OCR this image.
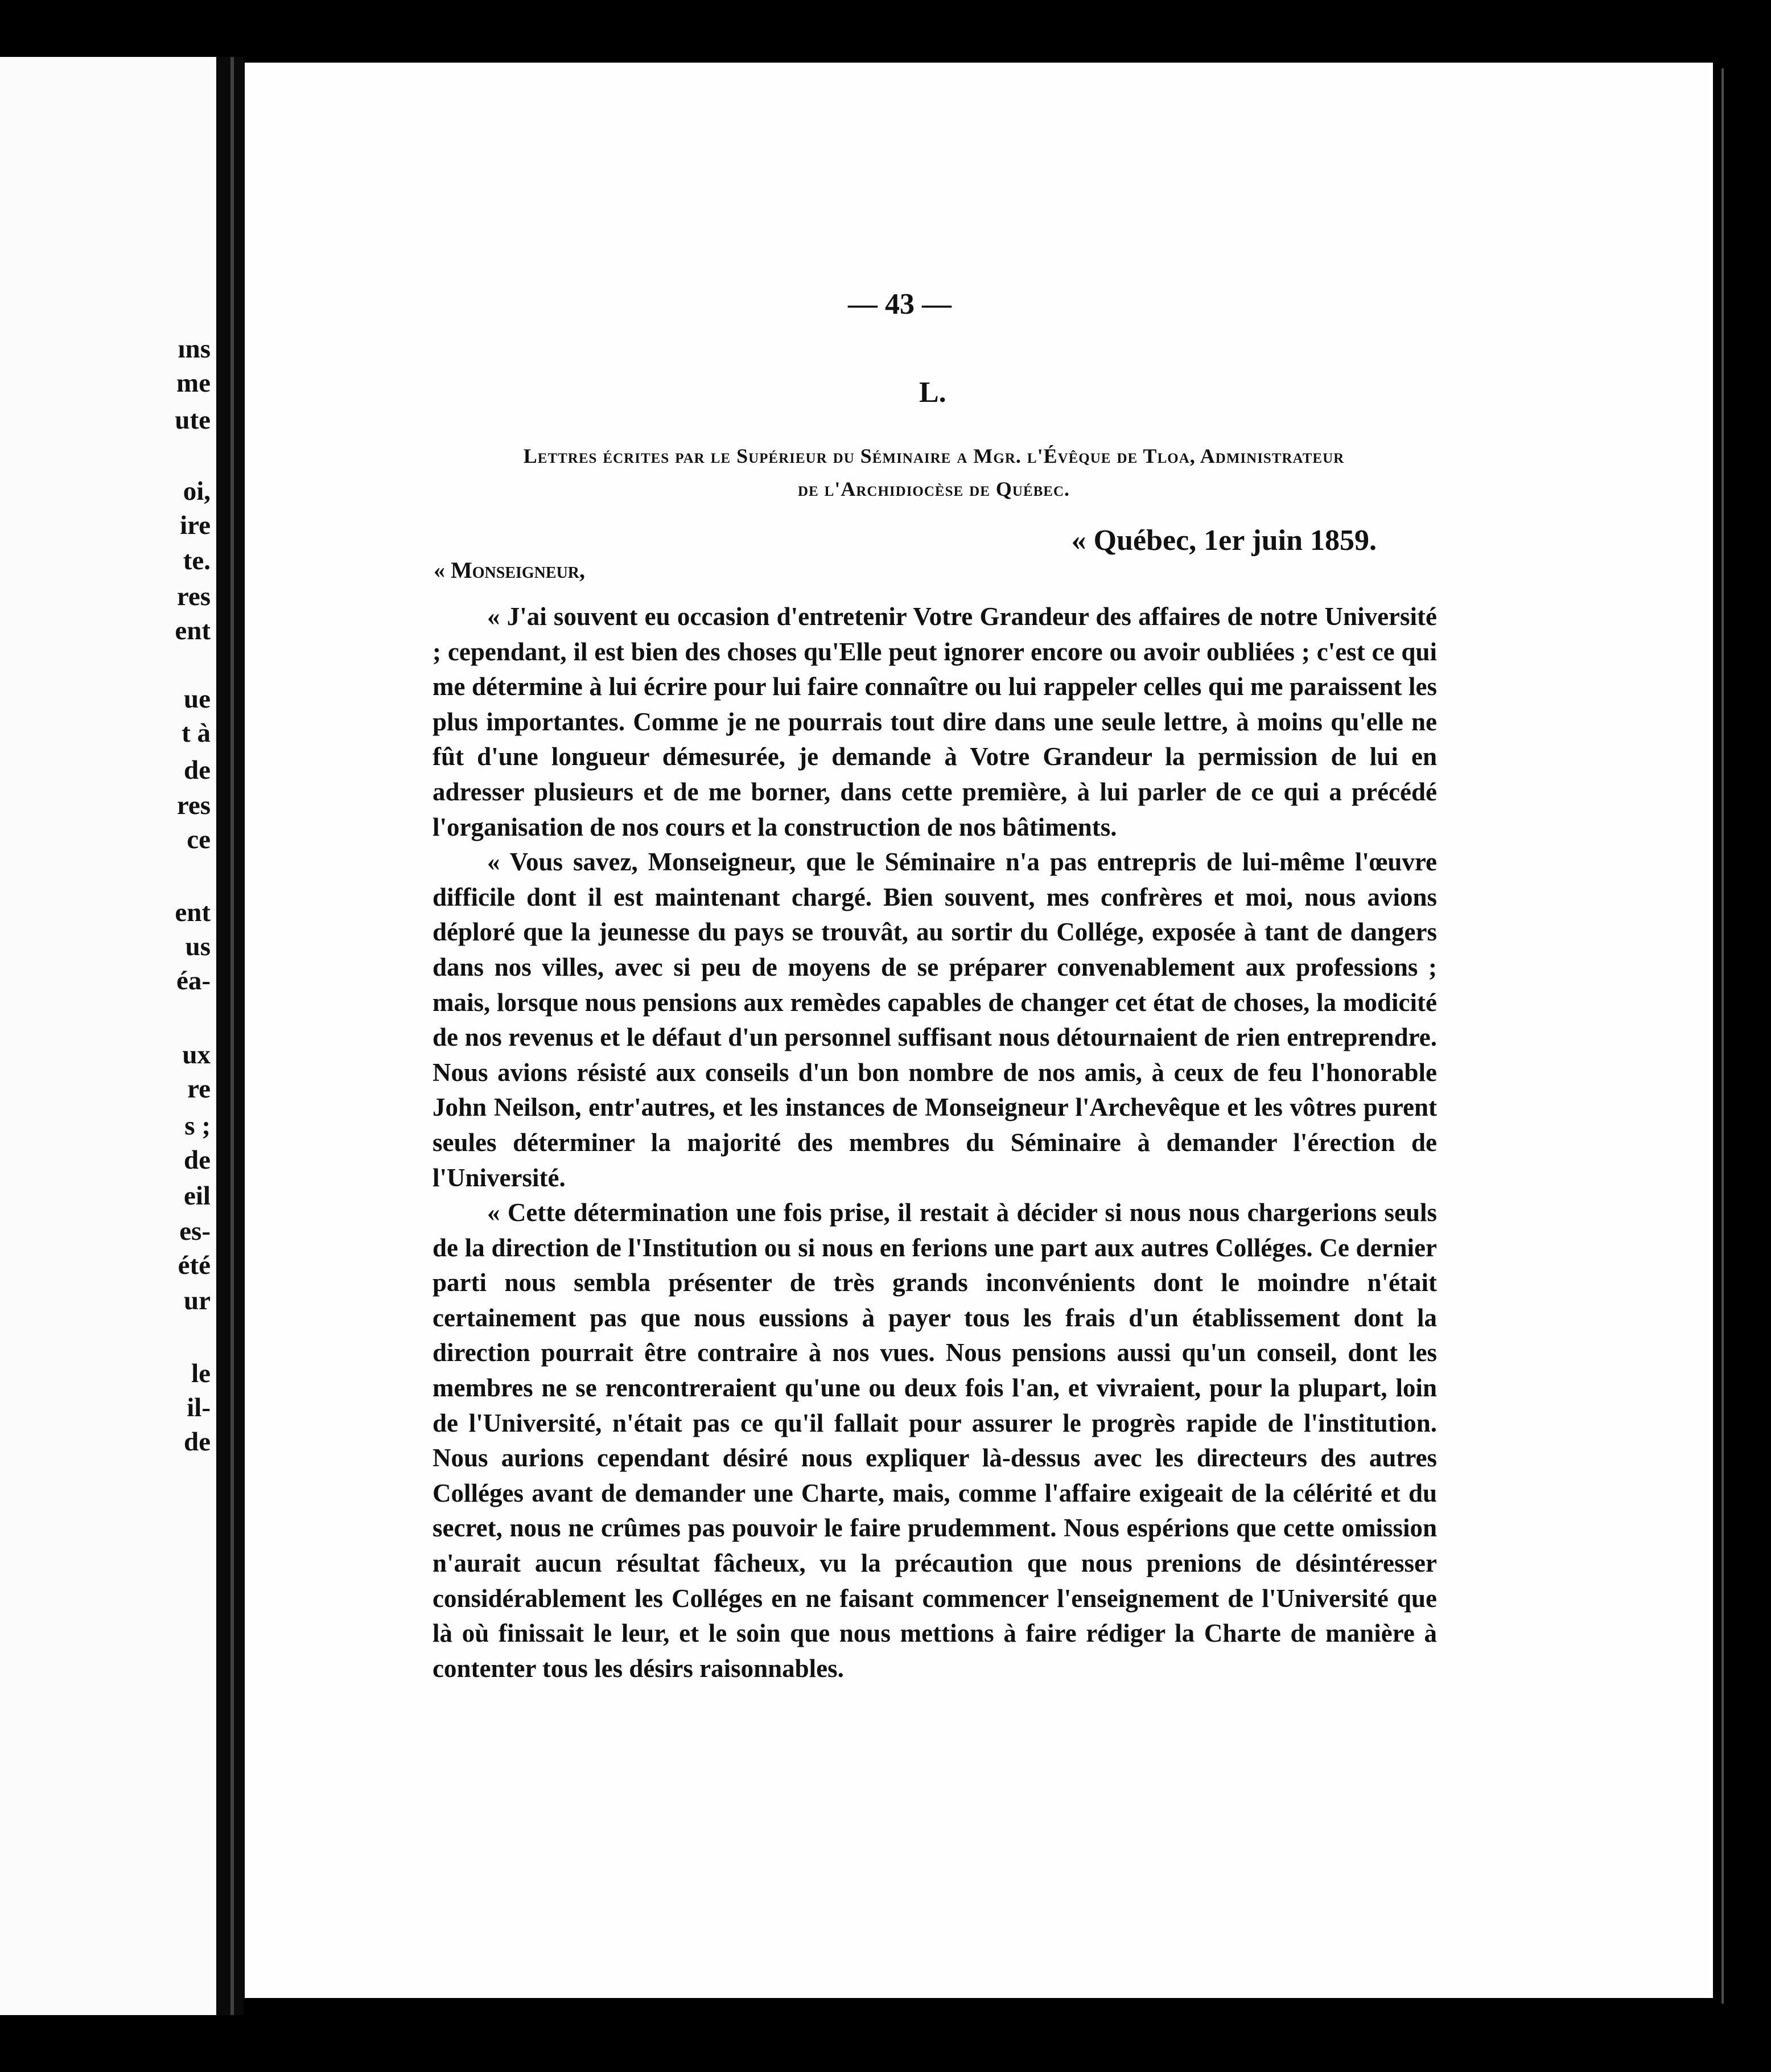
ıns
me
ute
oi,
ire
te.
res
ent
ue
t à
de
res
ce
ent
us
éa-
ux
re
s ;
de
eil
es-
été
ur
le
il-
de
— 43 —
L.
Lettres écrites par le Supérieur du Séminaire a Mgr. l'Évêque de Tloa, Administrateur
de l'Archidiocèse de Québec.
« Québec, 1er juin 1859.
« Monseigneur,

« J'ai souvent eu occasion d'entretenir Votre Grandeur des affaires de notre Université ; cependant, il est bien des choses qu'Elle peut ignorer encore ou avoir oubliées ; c'est ce qui me détermine à lui écrire pour lui faire connaître ou lui rappeler celles qui me paraissent les plus importantes. Comme je ne pourrais tout dire dans une seule lettre, à moins qu'elle ne fût d'une longueur démesurée, je demande à Votre Grandeur la permission de lui en adresser plusieurs et de me borner, dans cette première, à lui parler de ce qui a précédé l'organisation de nos cours et la construction de nos bâtiments.

« Vous savez, Monseigneur, que le Séminaire n'a pas entrepris de lui-même l'œuvre difficile dont il est maintenant chargé. Bien souvent, mes confrères et moi, nous avions déploré que la jeunesse du pays se trouvât, au sortir du Collége, exposée à tant de dangers dans nos villes, avec si peu de moyens de se préparer convenablement aux professions ; mais, lorsque nous pensions aux remèdes capables de changer cet état de choses, la modicité de nos revenus et le défaut d'un personnel suffisant nous détournaient de rien entreprendre. Nous avions résisté aux conseils d'un bon nombre de nos amis, à ceux de feu l'honorable John Neilson, entr'autres, et les instances de Monseigneur l'Archevêque et les vôtres purent seules déterminer la majorité des membres du Séminaire à demander l'érection de l'Université.

« Cette détermination une fois prise, il restait à décider si nous nous chargerions seuls de la direction de l'Institution ou si nous en ferions une part aux autres Colléges. Ce dernier parti nous sembla présenter de très grands inconvénients dont le moindre n'était certainement pas que nous eussions à payer tous les frais d'un établissement dont la direction pourrait être contraire à nos vues. Nous pensions aussi qu'un conseil, dont les membres ne se rencontreraient qu'une ou deux fois l'an, et vivraient, pour la plupart, loin de l'Université, n'était pas ce qu'il fallait pour assurer le progrès rapide de l'institution. Nous aurions cependant désiré nous expliquer là-dessus avec les directeurs des autres Colléges avant de demander une Charte, mais, comme l'affaire exigeait de la célérité et du secret, nous ne crûmes pas pouvoir le faire prudemment. Nous espérions que cette omission n'aurait aucun résultat fâcheux, vu la précaution que nous prenions de désintéresser considérablement les Colléges en ne faisant commencer l'enseignement de l'Université que là où finissait le leur, et le soin que nous mettions à faire rédiger la Charte de manière à contenter tous les désirs raisonnables.
